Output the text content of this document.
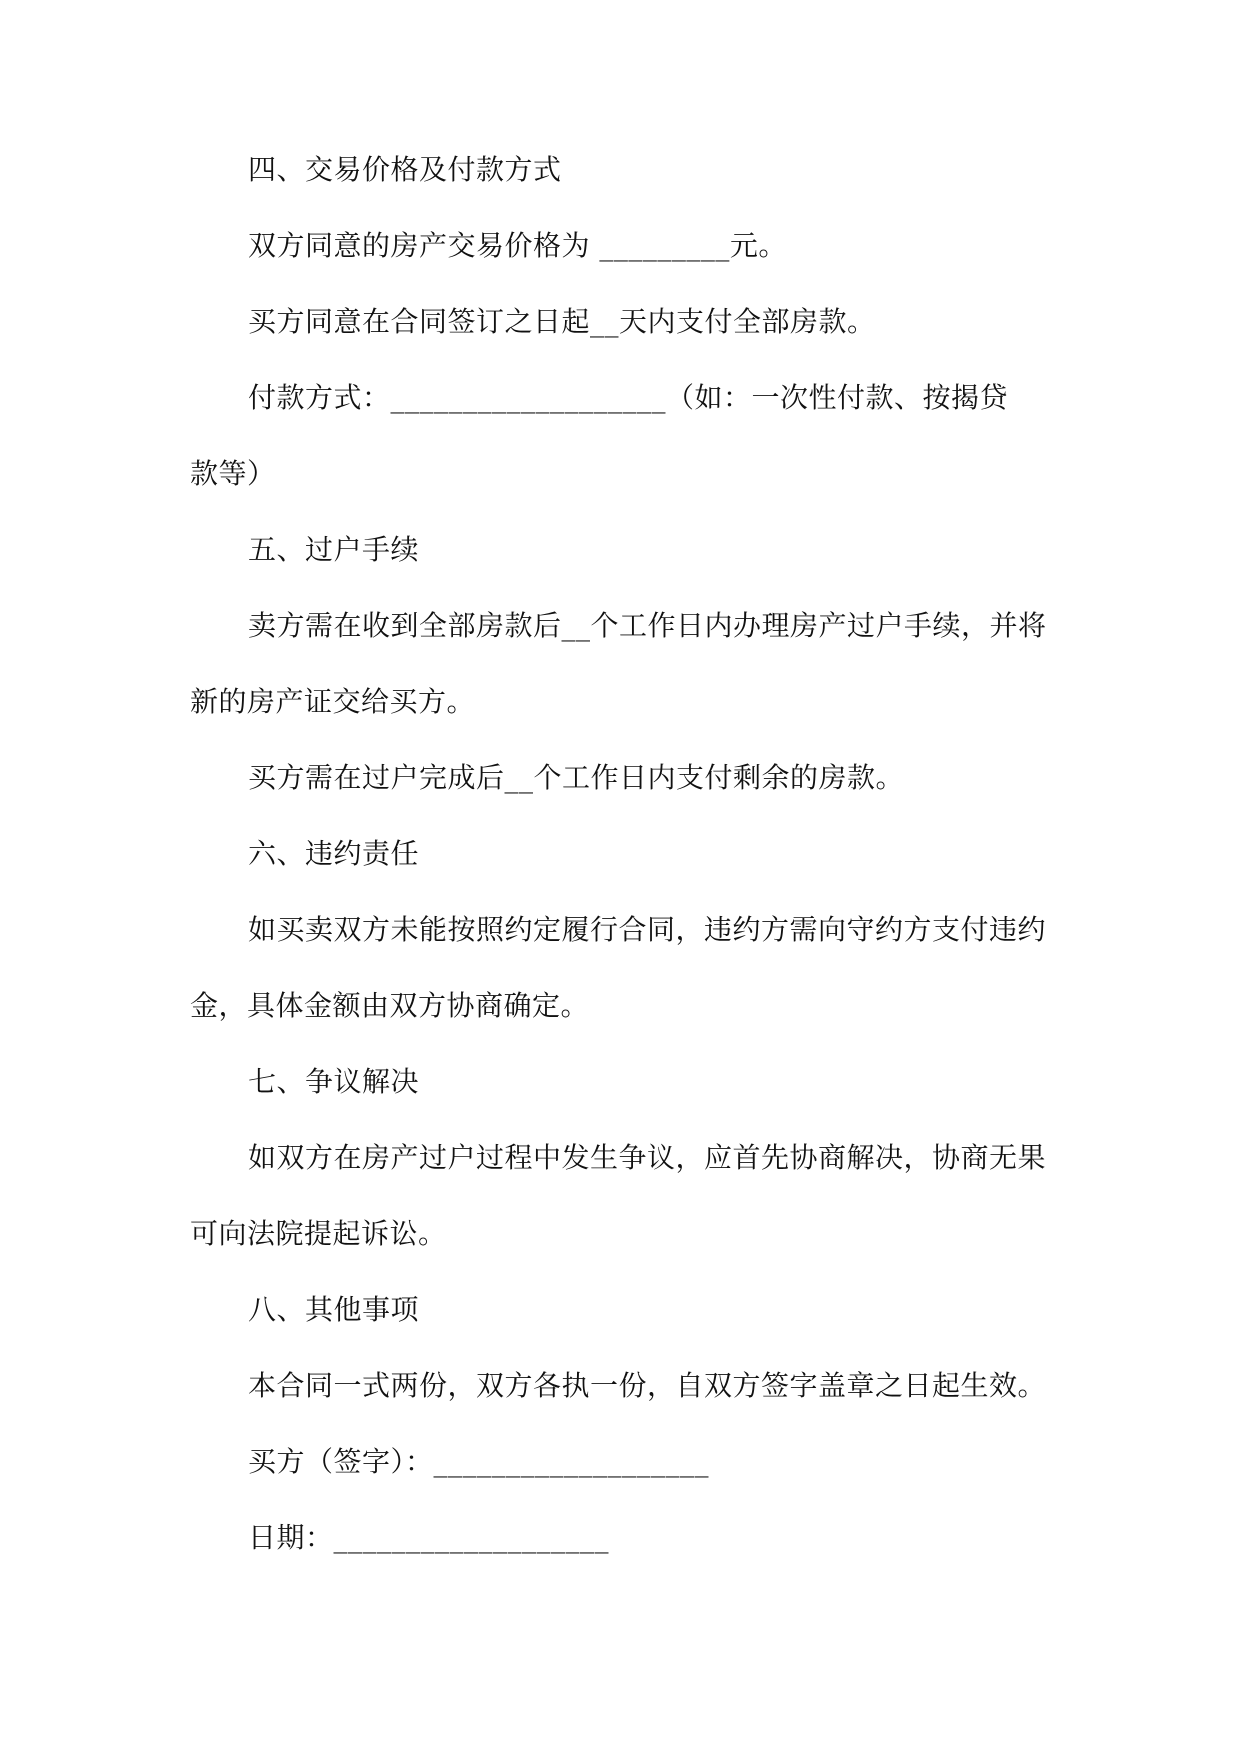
四、交易价格及付款方式
双方同意的房产交易价格为 _________元。
买方同意在合同签订之日起__天内支付全部房款。
付款方式：___________________（如：一次性付款、按揭贷
款等）
五、过户手续
卖方需在收到全部房款后__个工作日内办理房产过户手续，并将
新的房产证交给买方。
买方需在过户完成后__个工作日内支付剩余的房款。
六、违约责任
如买卖双方未能按照约定履行合同，违约方需向守约方支付违约
金，具体金额由双方协商确定。
七、争议解决
如双方在房产过户过程中发生争议，应首先协商解决，协商无果
可向法院提起诉讼。
八、其他事项
本合同一式两份，双方各执一份，自双方签字盖章之日起生效。
买方（签字）：___________________
日期：___________________
